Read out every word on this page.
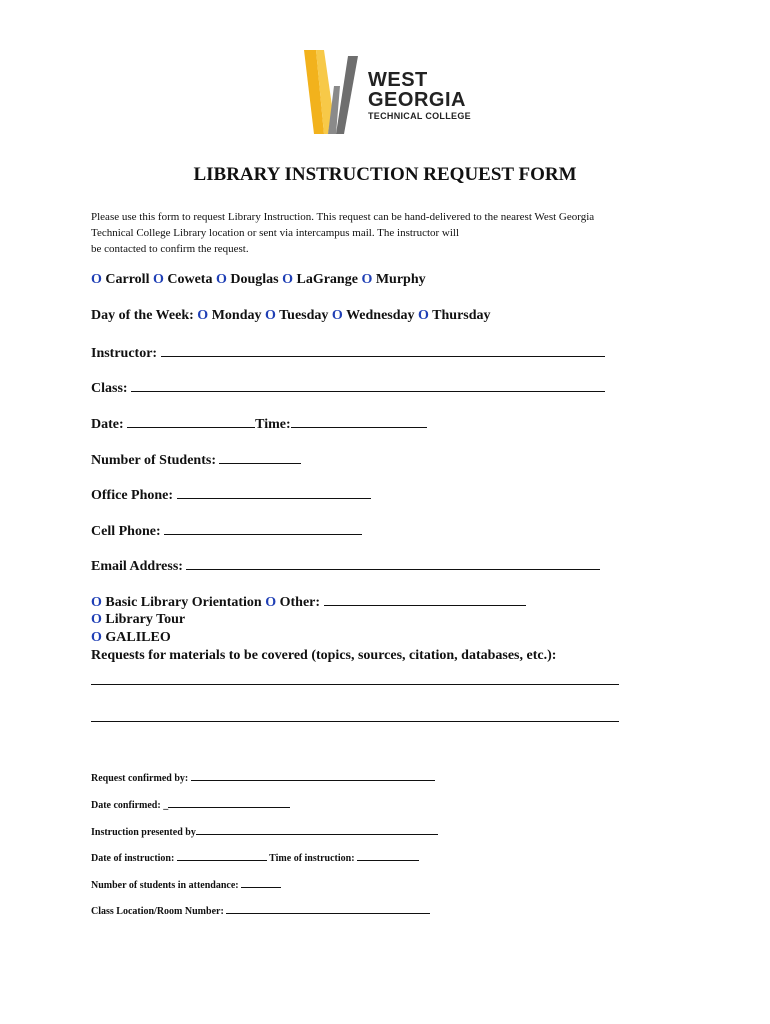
WEST
GEORGIA
TECHNICAL COLLEGE
LIBRARY INSTRUCTION REQUEST FORM
Please use this form to request Library Instruction. This request can be hand-delivered to the nearest West Georgia
Technical College Library location or sent via intercampus mail. The instructor will
be contacted to confirm the request.
O Carroll O Coweta O Douglas O LaGrange O Murphy
Day of the Week: O Monday O Tuesday O Wednesday O Thursday
Instructor:
Class:
Date:	Time:
Number of Students:
Office Phone:
Cell Phone:
Email Address:
O Basic Library Orientation O Other:
O Library Tour
O GALILEO
Requests for materials to be covered (topics, sources, citation, databases, etc.):
Request confirmed by:
Date confirmed: _
Instruction presented by
Date of instruction:	Time of instruction:
Number of students in attendance:
Class Location/Room Number:
